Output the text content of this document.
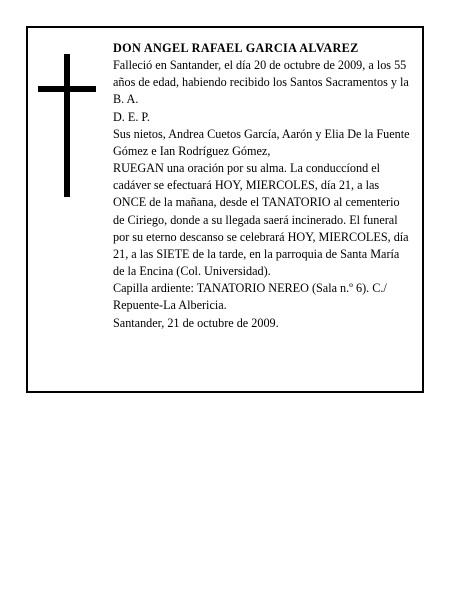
DON ANGEL RAFAEL GARCIA ALVAREZ

Falleció en Santander, el día 20 de octubre de 2009, a los 55 años de edad, habiendo recibido los Santos Sacramentos y la B. A.

D. E. P.

Sus nietos, Andrea Cuetos García, Aarón y Elia De la Fuente Gómez e Ian Rodríguez Gómez,

RUEGAN una oración por su alma. La conduccíond el cadáver se efectuará HOY, MIERCOLES, día 21, a las ONCE de la mañana, desde el TANATORIO al cementerio de Ciriego, donde a su llegada saerá incinerado. El funeral por su eterno descanso se celebrará HOY, MIERCOLES, día 21, a las SIETE de la tarde, en la parroquia de Santa María de la Encina (Col. Universidad).

Capilla ardiente: TANATORIO NEREO (Sala n.º 6). C./ Repuente-La Albericia.

Santander, 21 de octubre de 2009.
